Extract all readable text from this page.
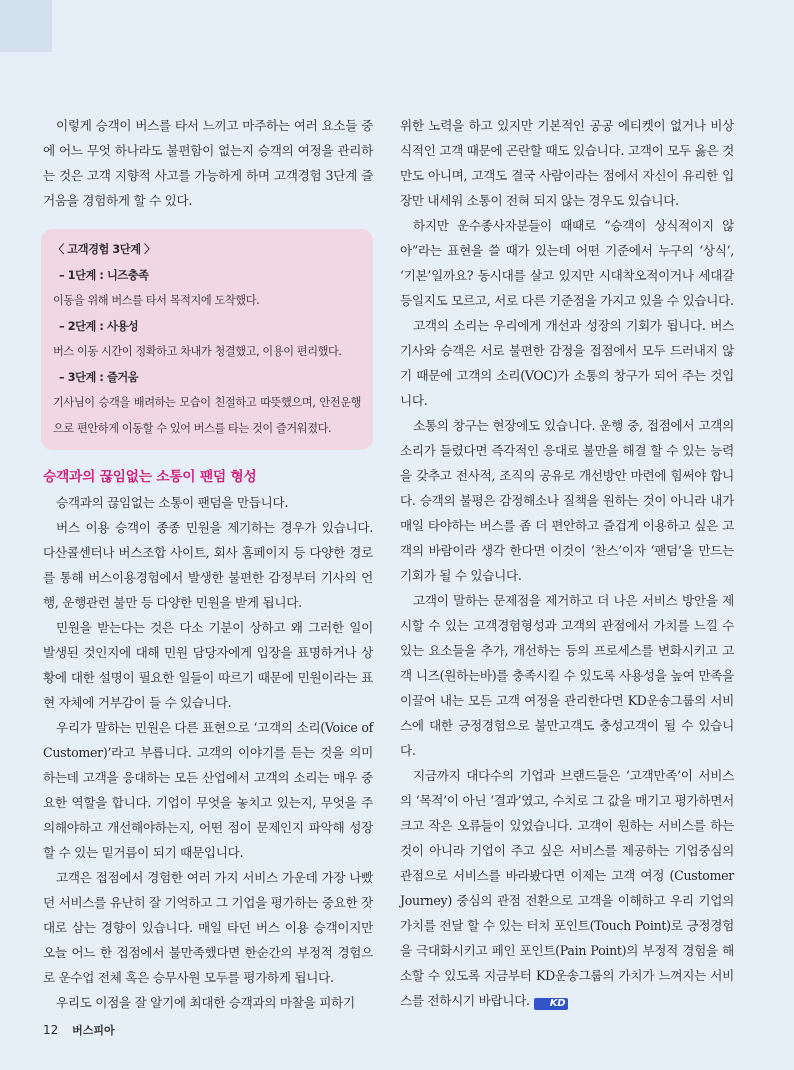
이렇게 승객이 버스를 타서 느끼고 마주하는 여러 요소들 중에 어느 무엇 하나라도 불편함이 없는지 승객의 여정을 관리하는 것은 고객 지향적 사고를 가능하게 하며 고객경험 3단계 즐거움을 경험하게 할 수 있다.

〈 고객경험 3단계 〉
– 1단계 : 니즈충족
이동을 위해 버스를 타서 목적지에 도착했다.
– 2단계 : 사용성
버스 이동 시간이 정확하고 차내가 청결했고, 이용이 편리했다.
– 3단계 : 즐거움
기사님이 승객을 배려하는 모습이 친절하고 따뜻했으며, 안전운행으로 편안하게 이동할 수 있어 버스를 타는 것이 즐거워졌다.
승객과의 끊임없는 소통이 팬덤 형성

승객과의 끊임없는 소통이 팬덤을 만듭니다.

버스 이용 승객이 종종 민원을 제기하는 경우가 있습니다. 다산콜센터나 버스조합 사이트, 회사 홈페이지 등 다양한 경로를 통해 버스이용경험에서 발생한 불편한 감정부터 기사의 언행, 운행관련 불만 등 다양한 민원을 받게 됩니다.

민원을 받는다는 것은 다소 기분이 상하고 왜 그러한 일이 발생된 것인지에 대해 민원 담당자에게 입장을 표명하거나 상황에 대한 설명이 필요한 일들이 따르기 때문에 민원이라는 표현 자체에 거부감이 들 수 있습니다.

우리가 말하는 민원은 다른 표현으로 ‘고객의 소리(Voice of Customer)’라고 부릅니다. 고객의 이야기를 듣는 것을 의미하는데 고객을 응대하는 모든 산업에서 고객의 소리는 매우 중요한 역할을 합니다. 기업이 무엇을 놓치고 있는지, 무엇을 주의해야하고 개선해야하는지, 어떤 점이 문제인지 파악해 성장 할 수 있는 밑거름이 되기 때문입니다.

고객은 접점에서 경험한 여러 가지 서비스 가운데 가장 나빴던 서비스를 유난히 잘 기억하고 그 기업을 평가하는 중요한 잣대로 삼는 경향이 있습니다. 매일 타던 버스 이용 승객이지만 오늘 어느 한 접점에서 불만족했다면 한순간의 부정적 경험으로 운수업 전체 혹은 승무사원 모두를 평가하게 됩니다.

우리도 이점을 잘 알기에 최대한 승객과의 마찰을 피하기

위한 노력을 하고 있지만 기본적인 공공 에티켓이 없거나 비상식적인 고객 때문에 곤란할 때도 있습니다. 고객이 모두 옳은 것만도 아니며, 고객도 결국 사람이라는 점에서 자신이 유리한 입장만 내세워 소통이 전혀 되지 않는 경우도 있습니다.

하지만 운수종사자분들이 때때로 “승객이 상식적이지 않아”라는 표현을 쓸 때가 있는데 어떤 기준에서 누구의 ‘상식’, ‘기본’일까요? 동시대를 살고 있지만 시대착오적이거나 세대갈등일지도 모르고, 서로 다른 기준점을 가지고 있을 수 있습니다.

고객의 소리는 우리에게 개선과 성장의 기회가 됩니다. 버스기사와 승객은 서로 불편한 감정을 접점에서 모두 드러내지 않기 때문에 고객의 소리(VOC)가 소통의 창구가 되어 주는 것입니다.

소통의 창구는 현장에도 있습니다. 운행 중, 접점에서 고객의 소리가 들렸다면 즉각적인 응대로 불만을 해결 할 수 있는 능력을 갖추고 전사적, 조직의 공유로 개선방안 마련에 힘써야 합니다. 승객의 불평은 감정해소나 질책을 원하는 것이 아니라 내가 매일 타야하는 버스를 좀 더 편안하고 즐겁게 이용하고 싶은 고객의 바람이라 생각 한다면 이것이 ‘찬스’이자 ‘팬덤’을 만드는 기회가 될 수 있습니다.

고객이 말하는 문제점을 제거하고 더 나은 서비스 방안을 제시할 수 있는 고객경험형성과 고객의 관점에서 가치를 느낄 수 있는 요소들을 추가, 개선하는 등의 프로세스를 변화시키고 고객 니즈(원하는바)를 충족시킬 수 있도록 사용성을 높여 만족을 이끌어 내는 모든 고객 여정을 관리한다면 KD운송그룹의 서비스에 대한 긍정경험으로 불만고객도 충성고객이 될 수 있습니다.

지금까지 대다수의 기업과 브랜드들은 ‘고객만족’이 서비스의 ‘목적’이 아닌 ‘결과’였고, 수치로 그 값을 매기고 평가하면서 크고 작은 오류들이 있었습니다. 고객이 원하는 서비스를 하는 것이 아니라 기업이 주고 싶은 서비스를 제공하는 기업중심의 관점으로 서비스를 바라봤다면 이제는 고객 여정 (Customer Journey) 중심의 관점 전환으로 고객을 이해하고 우리 기업의 가치를 전달 할 수 있는 터치 포인트(Touch Point)로 긍정경험을 극대화시키고 페인 포인트(Pain Point)의 부정적 경험을 해소할 수 있도록 지금부터 KD운송그룹의 가치가 느껴지는 서비스를 전하시기 바랍니다. KD

12 버스피아
